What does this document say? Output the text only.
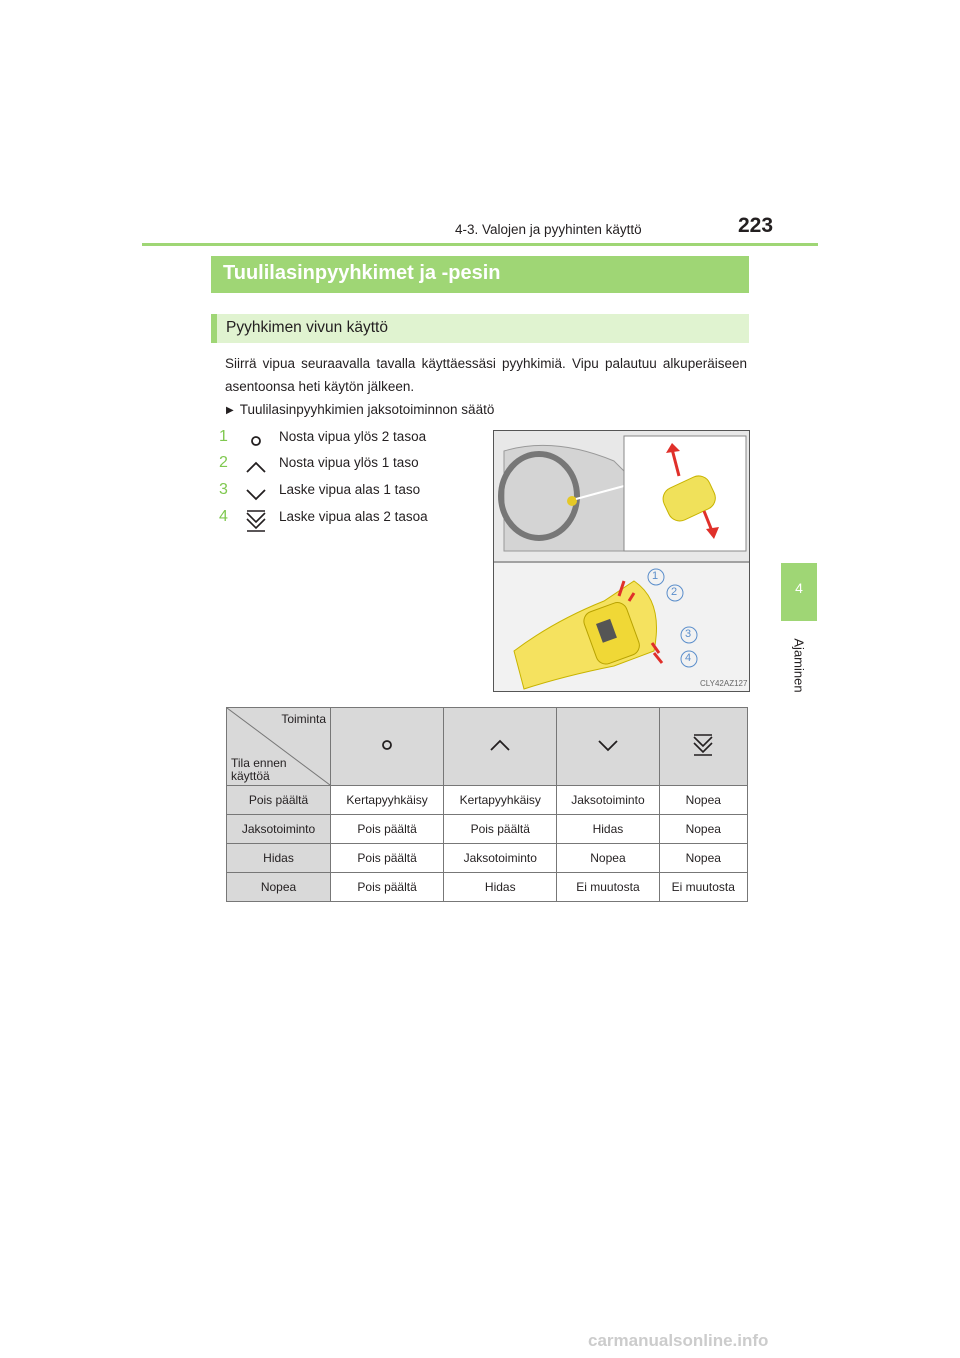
4-3. Valojen ja pyyhinten käyttö	223
4
Ajaminen
Tuulilasinpyyhkimet ja -pesin
Pyyhkimen vivun käyttö
Siirrä vipua seuraavalla tavalla käyttäessäsi pyyhkimiä. Vipu palautuu alkuperäiseen asentoonsa heti käytön jälkeen.
▶ Tuulilasinpyyhkimien jaksotoiminnon säätö
1	Nosta vipua ylös 2 tasoa
2	Nosta vipua ylös 1 taso
3	Laske vipua alas 1 taso
4	Laske vipua alas 2 tasoa
1
2
3
4
CLY42AZ127
Toiminta
Tila ennen
käyttöä

Pois päältä	Kertapyyhkäisy	Kertapyyhkäisy	Jaksotoiminto	Nopea
Jaksotoiminto	Pois päältä	Pois päältä	Hidas	Nopea
Hidas	Pois päältä	Jaksotoiminto	Nopea	Nopea
Nopea	Pois päältä	Hidas	Ei muutosta	Ei muutosta
carmanualsonline.info
